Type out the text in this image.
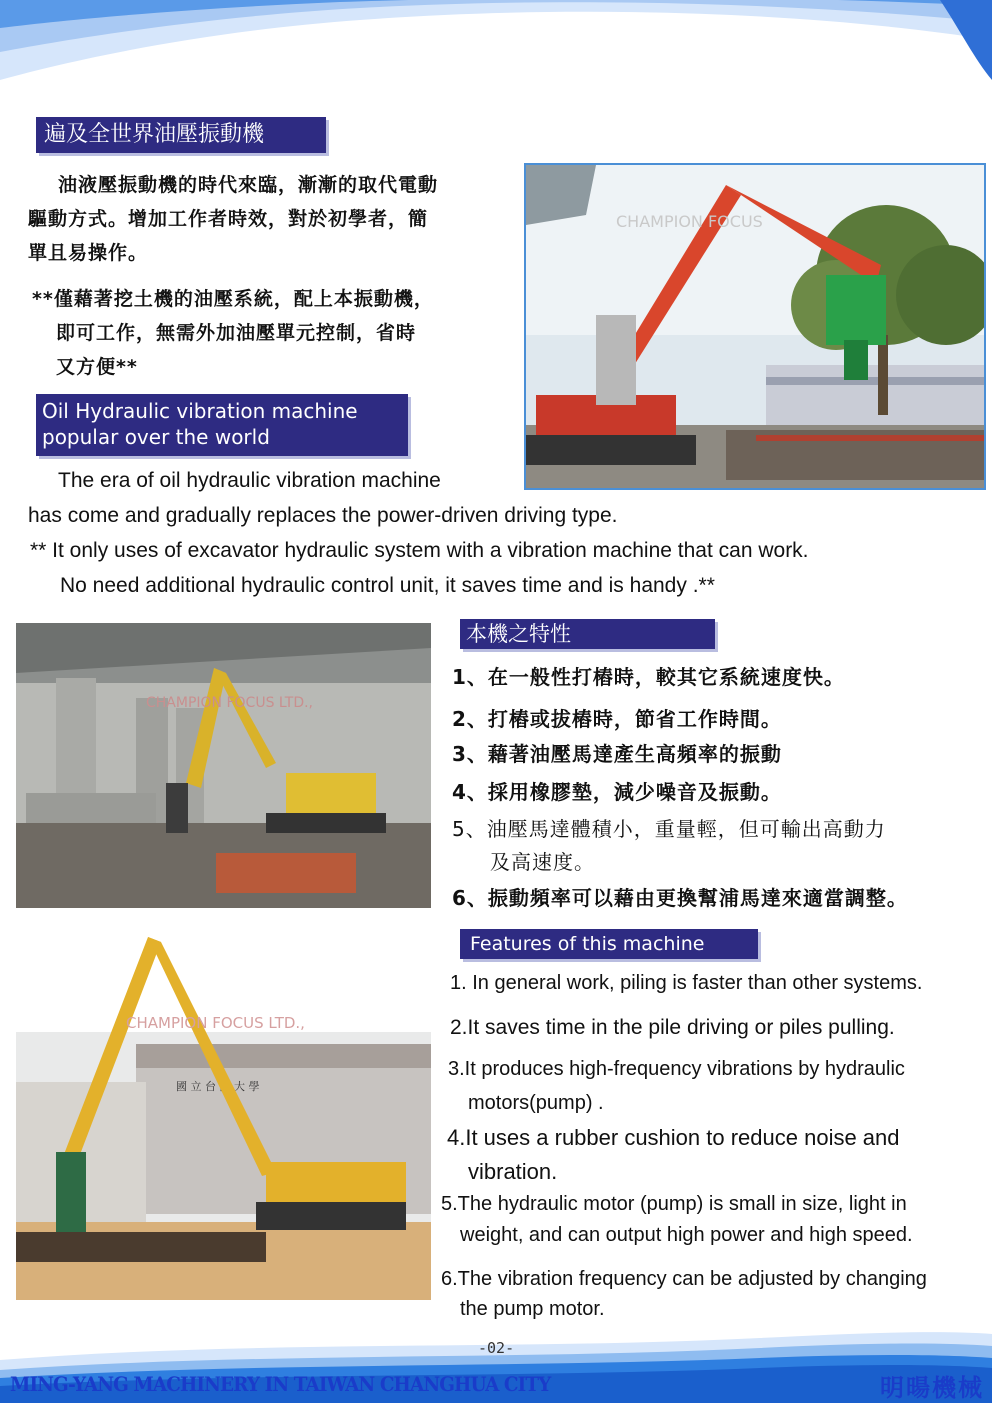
遍及全世界油壓振動機
油液壓振動機的時代來臨，漸漸的取代電動
驅動方式。增加工作者時效，對於初學者，簡
單且易操作。
**僅藉著挖土機的油壓系統，配上本振動機，
即可工作，無需外加油壓單元控制，省時
又方便**
Oil Hydraulic vibration machine
popular over the world
CHAMPION FOCUS
The era of oil hydraulic vibration machine
has come and gradually replaces the power-driven driving type.
** It only uses of excavator hydraulic system with a vibration machine that can work.
No need additional hydraulic control unit, it saves time and is handy .**
CHAMPION FOCUS LTD.,
本機之特性
1、在一般性打樁時，較其它系統速度快。
2、打樁或拔樁時，節省工作時間。
3、藉著油壓馬達產生高頻率的振動
4、採用橡膠墊，減少噪音及振動。
5、油壓馬達體積小，重量輕，但可輸出高動力
及高速度。
6、振動頻率可以藉由更換幫浦馬達來適當調整。
國 立 台 灣 大 學
CHAMPION FOCUS LTD.,
Features of this machine
1. In general work, piling is faster than other systems.
2.It saves time in the pile driving or piles pulling.
3.It produces high-frequency vibrations by hydraulic
motors(pump) .
4.It uses a rubber cushion to reduce noise and
vibration.
5.The hydraulic motor (pump) is small in size, light in
weight, and can output high power and high speed.
6.The vibration frequency can be adjusted by changing
the pump motor.
-02-
MING-YANG MACHINERY IN TAIWAN CHANGHUA CITY	明暘機械
